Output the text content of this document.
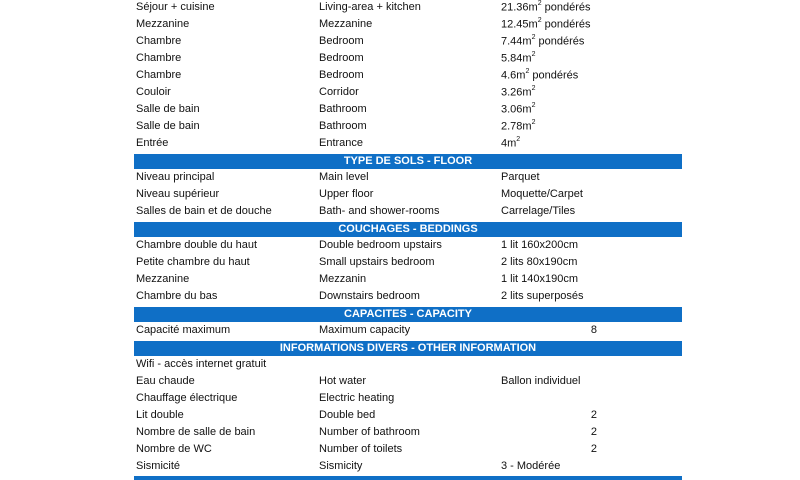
Séjour + cuisine	Living-area + kitchen	$21.36m^2$ pondérés
Mezzanine	Mezzanine	$12.45m^2$ pondérés
Chambre	Bedroom	$7.44m^2$ pondérés
Chambre	Bedroom	$5.84m^2$
Chambre	Bedroom	$4.6m^2$ pondérés
Couloir	Corridor	$3.26m^2$
Salle de bain	Bathroom	$3.06m^2$
Salle de bain	Bathroom	$2.78m^2$
Entrée	Entrance	$4m^2$
TYPE DE SOLS - FLOOR
Niveau principal	Main level	Parquet
Niveau supérieur	Upper floor	Moquette/Carpet
Salles de bain et de douche	Bath- and shower-rooms	Carrelage/Tiles
COUCHAGES - BEDDINGS
Chambre double du haut	Double bedroom upstairs	1 lit 160x200cm
Petite chambre du haut	Small upstairs bedroom	2 lits 80x190cm
Mezzanine	Mezzanin	1 lit 140x190cm
Chambre du bas	Downstairs bedroom	2 lits superposés
CAPACITES - CAPACITY
Capacité maximum	Maximum capacity	8
INFORMATIONS DIVERS - OTHER INFORMATION
Wifi - accès internet gratuit
Eau chaude	Hot water	Ballon individuel
Chauffage électrique	Electric heating
Lit double	Double bed	2
Nombre de salle de bain	Number of bathroom	2
Nombre de WC	Number of toilets	2
Sismicité	Sismicity	3 - Modérée
